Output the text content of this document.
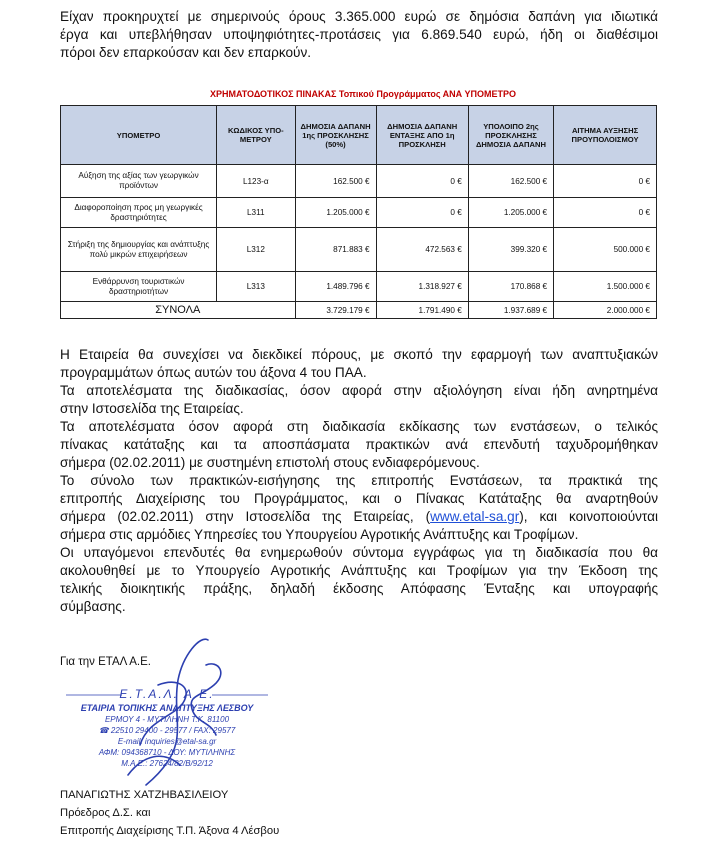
Είχαν προκηρυχτεί με σημερινούς όρους 3.365.000 ευρώ σε δημόσια δαπάνη για ιδιωτικά
έργα και υπεβλήθησαν υποψηφιότητες-προτάσεις για 6.869.540 ευρώ, ήδη οι διαθέσιμοι
πόροι δεν επαρκούσαν και δεν επαρκούν.
ΧΡΗΜΑΤΟΔΟΤΙΚΟΣ ΠΙΝΑΚΑΣ Τοπικού Προγράμματος ΑΝΑ ΥΠΟΜΕΤΡΟ
ΥΠΟΜΕΤΡΟ	ΚΩΔΙΚΟΣ ΥΠΟ-ΜΕΤΡΟΥ	ΔΗΜΟΣΙΑ ΔΑΠΑΝΗ 1ης ΠΡΟΣΚΛΗΣΗΣ (50%)	ΔΗΜΟΣΙΑ ΔΑΠΑΝΗ ΕΝΤΑΞΗΣ ΑΠΟ 1η ΠΡΟΣΚΛΗΣΗ	ΥΠΟΛΟΙΠΟ 2ης ΠΡΟΣΚΛΗΣΗΣ ΔΗΜΟΣΙΑ ΔΑΠΑΝΗ	ΑΙΤΗΜΑ ΑΥΞΗΣΗΣ ΠΡΟΥΠΟΛΟΙΣΜΟΥ
Αύξηση της αξίας των γεωργικών προϊόντων	L123-α	162.500 €	0 €	162.500 €	0 €
Διαφοροποίηση προς μη γεωργικές δραστηριότητες	L311	1.205.000 €	0 €	1.205.000 €	0 €
Στήριξη της δημιουργίας και ανάπτυξης πολύ μικρών επιχειρήσεων	L312	871.883 €	472.563 €	399.320 €	500.000 €
Ενθάρρυνση τουριστικών δραστηριοτήτων	L313	1.489.796 €	1.318.927 €	170.868 €	1.500.000 €
ΣΥΝΟΛΑ		3.729.179 €	1.791.490 €	1.937.689 €	2.000.000 €
Η Εταιρεία θα συνεχίσει να διεκδικεί πόρους, με σκοπό την εφαρμογή των αναπτυξιακών
προγραμμάτων όπως αυτών του άξονα 4 του ΠΑΑ.
Τα αποτελέσματα της διαδικασίας, όσον αφορά στην αξιολόγηση είναι ήδη ανηρτημένα
στην Ιστοσελίδα της Εταιρείας.
Τα αποτελέσματα όσον αφορά στη διαδικασία εκδίκασης των ενστάσεων, ο τελικός
πίνακας κατάταξης και τα αποσπάσματα πρακτικών ανά επενδυτή ταχυδρομήθηκαν
σήμερα (02.02.2011) με συστημένη επιστολή στους ενδιαφερόμενους.
Το σύνολο των πρακτικών-εισήγησης της επιτροπής Ενστάσεων, τα πρακτικά της
επιτροπής Διαχείρισης του Προγράμματος, και ο Πίνακας Κατάταξης θα αναρτηθούν
σήμερα (02.02.2011) στην Ιστοσελίδα της Εταιρείας, (www.etal-sa.gr), και κοινοποιούνται
σήμερα στις αρμόδιες Υπηρεσίες του Υπουργείου Αγροτικής Ανάπτυξης και Τροφίμων.
Οι υπαγόμενοι επενδυτές θα ενημερωθούν σύντομα εγγράφως για τη διαδικασία που θα
ακολουθηθεί με το Υπουργείο Αγροτικής Ανάπτυξης και Τροφίμων για την Έκδοση της
τελικής διοικητικής πράξης, δηλαδή έκδοσης Απόφασης Ένταξης και υπογραφής
σύμβασης.
Για την ΕΤΑΛ Α.Ε.
Ε.Τ.Α.Λ. Α.Ε.
ΕΤΑΙΡΙΑ ΤΟΠΙΚΗΣ ΑΝΑΠΤΥΞΗΣ ΛΕΣΒΟΥ
ΕΡΜΟΥ 4 - ΜΥΤΙΛΗΝΗ Τ.Κ. 81100
☎ 22510 29400 - 29577 / FAX: 29577
E-mail: inquiries@etal-sa.gr
ΑΦΜ: 094368710 - ΔΟΥ: ΜΥΤΙΛΗΝΗΣ
Μ.Α.Ε.: 27624/82/Β/92/12
ΠΑΝΑΓΙΩΤΗΣ ΧΑΤΖΗΒΑΣΙΛΕΙΟΥ
Πρόεδρος Δ.Σ. και
Επιτροπής Διαχείρισης Τ.Π. Άξονα 4 Λέσβου
